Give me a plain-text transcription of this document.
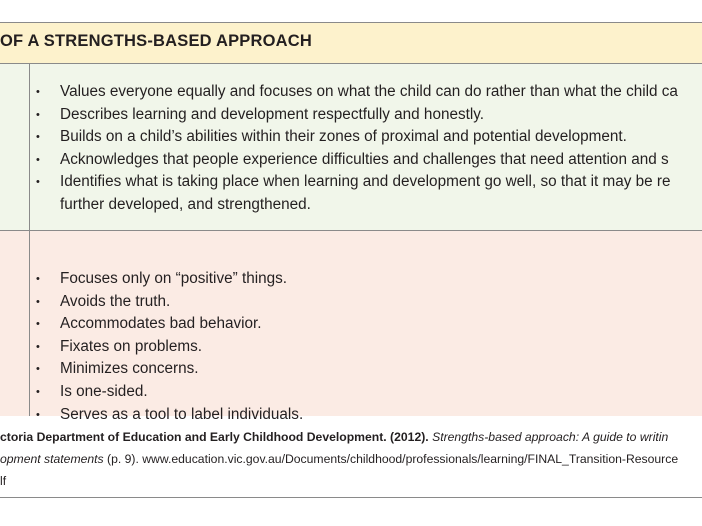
OF A STRENGTHS-BASED APPROACH
• Values everyone equally and focuses on what the child can do rather than what the child ca
• Describes learning and development respectfully and honestly.
• Builds on a child’s abilities within their zones of proximal and potential development.
• Acknowledges that people experience difficulties and challenges that need attention and s
• Identifies what is taking place when learning and development go well, so that it may be re
further developed, and strengthened.
• Focuses only on “positive” things.
• Avoids the truth.
• Accommodates bad behavior.
• Fixates on problems.
• Minimizes concerns.
• Is one-sided.
• Serves as a tool to label individuals.
ctoria Department of Education and Early Childhood Development. (2012). Strengths-based approach: A guide to writin
opment statements (p. 9). www.education.vic.gov.au/Documents/childhood/professionals/learning/FINAL_Transition-Resource
lf
